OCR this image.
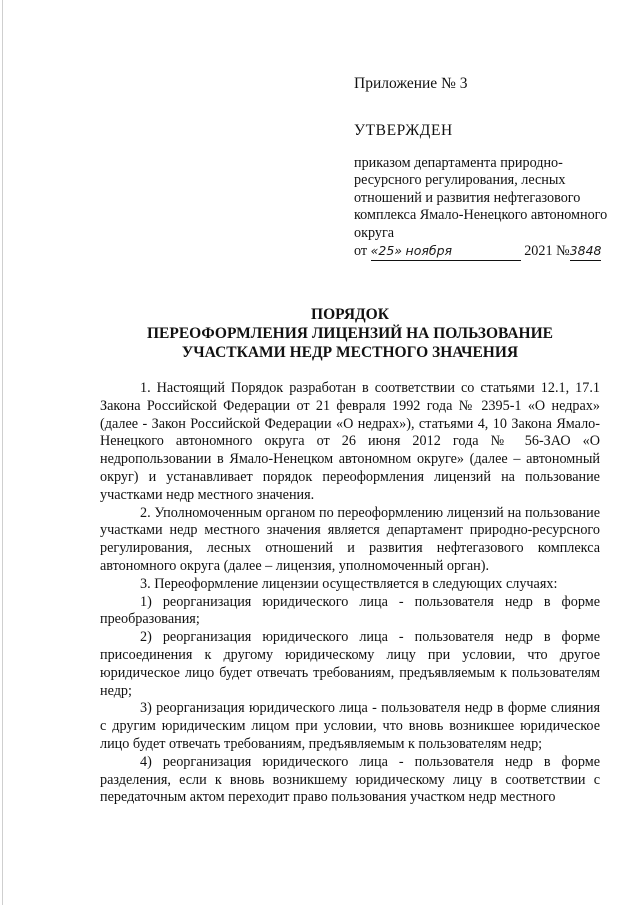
Приложение № 3
УТВЕРЖДЕН
приказом департамента природно-ресурсного регулирования, лесных отношений и развития нефтегазового комплекса Ямало-Ненецкого автономного округа
от «25» ноября	2021 №3848
ПОРЯДОК
ПЕРЕОФОРМЛЕНИЯ ЛИЦЕНЗИЙ НА ПОЛЬЗОВАНИЕ
УЧАСТКАМИ НЕДР МЕСТНОГО ЗНАЧЕНИЯ

1. Настоящий Порядок разработан в соответствии со статьями 12.1, 17.1 Закона Российской Федерации от 21 февраля 1992 года № 2395-1 «О недрах» (далее - Закон Российской Федерации «О недрах»), статьями 4, 10 Закона Ямало-Ненецкого автономного округа от 26 июня 2012 года № 56-ЗАО «О недропользовании в Ямало-Ненецком автономном округе» (далее – автономный округ) и устанавливает порядок переоформления лицензий на пользование участками недр местного значения.

2. Уполномоченным органом по переоформлению лицензий на пользование участками недр местного значения является департамент природно-ресурсного регулирования, лесных отношений и развития нефтегазового комплекса автономного округа (далее – лицензия, уполномоченный орган).

3. Переоформление лицензии осуществляется в следующих случаях:

1) реорганизация юридического лица - пользователя недр в форме преобразования;

2) реорганизация юридического лица - пользователя недр в форме присоединения к другому юридическому лицу при условии, что другое юридическое лицо будет отвечать требованиям, предъявляемым к пользователям недр;

3) реорганизация юридического лица - пользователя недр в форме слияния с другим юридическим лицом при условии, что вновь возникшее юридическое лицо будет отвечать требованиям, предъявляемым к пользователям недр;

4) реорганизация юридического лица - пользователя недр в форме разделения, если к вновь возникшему юридическому лицу в соответствии с передаточным актом переходит право пользования участком недр местного
